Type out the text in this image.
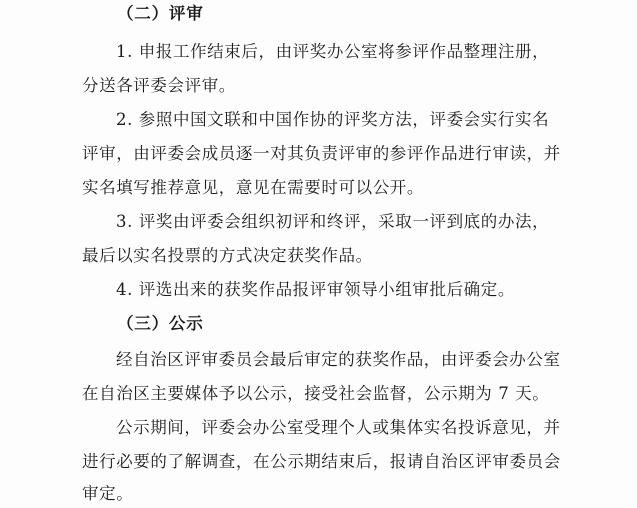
（二）评审
1. 申报工作结束后，由评奖办公室将参评作品整理注册，
分送各评委会评审。
2. 参照中国文联和中国作协的评奖方法，评委会实行实名
评审，由评委会成员逐一对其负责评审的参评作品进行审读，并
实名填写推荐意见，意见在需要时可以公开。
3. 评奖由评委会组织初评和终评，采取一评到底的办法，
最后以实名投票的方式决定获奖作品。
4. 评选出来的获奖作品报评审领导小组审批后确定。
（三）公示
经自治区评审委员会最后审定的获奖作品，由评委会办公室
在自治区主要媒体予以公示，接受社会监督，公示期为 7 天。
公示期间，评委会办公室受理个人或集体实名投诉意见，并
进行必要的了解调查，在公示期结束后，报请自治区评审委员会
审定。
